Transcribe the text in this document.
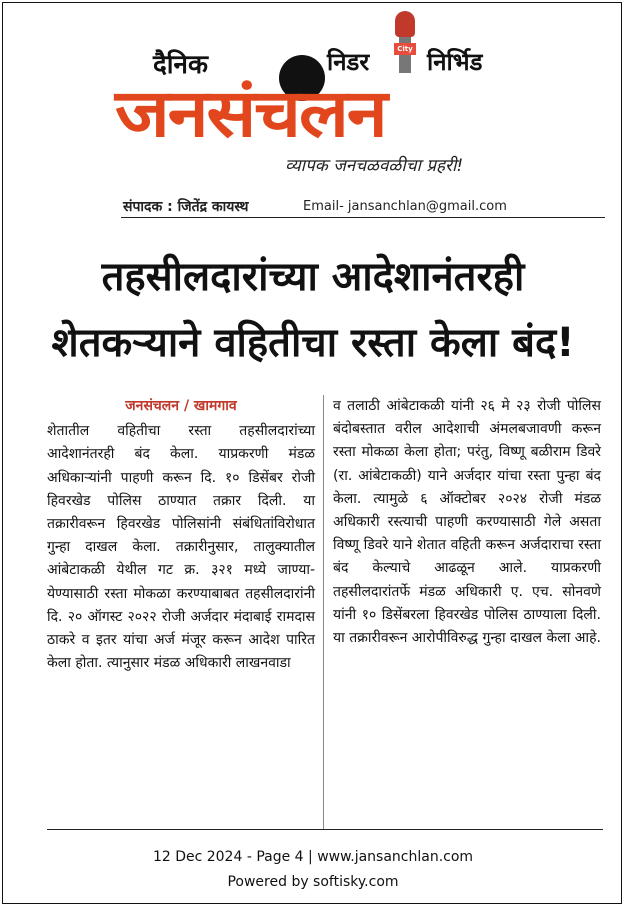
दैनिक	निडर निर्भिड
City
जनसंचलन
व्यापक जनचळवळीचा प्रहरी!
संपादक : जितेंद्र कायस्थ	Email- jansanchlan@gmail.com
तहसीलदारांच्या आदेशानंतरही
शेतकऱ्याने वहितीचा रस्ता केला बंद!
जनसंचलन / खामगाव
शेतातील वहितीचा रस्ता तहसीलदारांच्या आदेशानंतरही बंद केला. याप्रकरणी मंडळ अधिकाऱ्यांनी पाहणी करून दि. १० डिसेंबर रोजी हिवरखेड पोलिस ठाण्यात तक्रार दिली. या तक्रारीवरून हिवरखेड पोलिसांनी संबंधितांविरोधात गुन्हा दाखल केला. तक्रारीनुसार, तालुक्यातील आंबेटाकळी येथील गट क्र. ३२१ मध्ये जाण्या-येण्यासाठी रस्ता मोकळा करण्याबाबत तहसीलदारांनी दि. २० ऑगस्ट २०२२ रोजी अर्जदार मंदाबाई रामदास ठाकरे व इतर यांचा अर्ज मंजूर करून आदेश पारित केला होता. त्यानुसार मंडळ अधिकारी लाखनवाडा
व तलाठी आंबेटाकळी यांनी २६ मे २३ रोजी पोलिस बंदोबस्तात वरील आदेशाची अंमलबजावणी करून रस्ता मोकळा केला होता; परंतु, विष्णू बळीराम डिवरे (रा. आंबेटाकळी) याने अर्जदार यांचा रस्ता पुन्हा बंद केला. त्यामुळे ६ ऑक्टोबर २०२४ रोजी मंडळ अधिकारी रस्त्याची पाहणी करण्यासाठी गेले असता विष्णू डिवरे याने शेतात वहिती करून अर्जदाराचा रस्ता बंद केल्याचे आढळून आले. याप्रकरणी तहसीलदारांतर्फे मंडळ अधिकारी ए. एच. सोनवणे यांनी १० डिसेंबरला हिवरखेड पोलिस ठाण्याला दिली. या तक्रारीवरून आरोपीविरुद्ध गुन्हा दाखल केला आहे.
12 Dec 2024 - Page 4 | www.jansanchlan.com
Powered by softisky.com
